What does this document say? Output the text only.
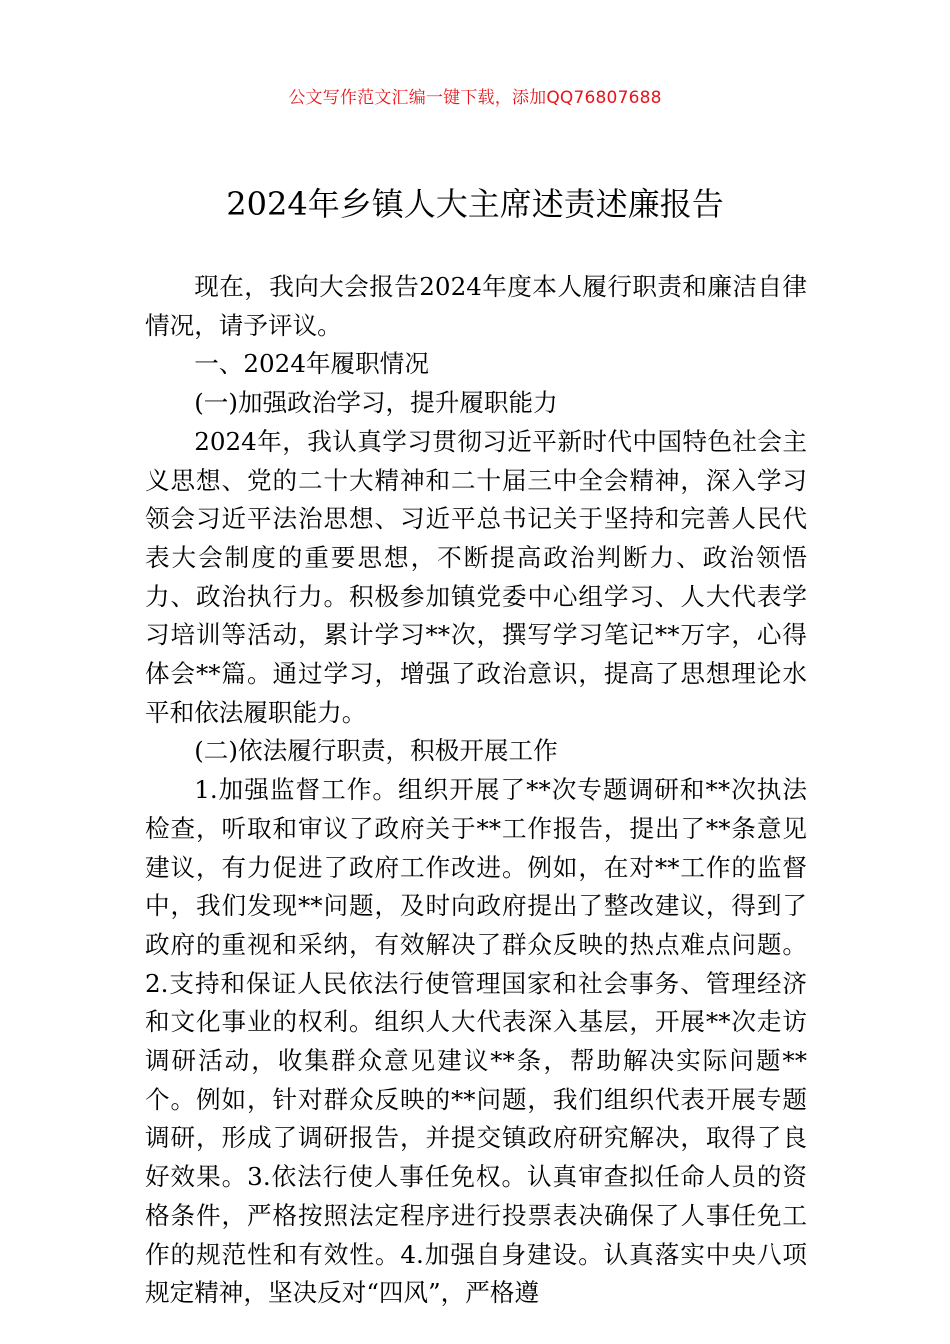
公文写作范文汇编一键下载，添加QQ76807688
2024年乡镇人大主席述责述廉报告

现在，我向大会报告2024年度本人履行职责和廉洁自律情况，请予评议。

一、2024年履职情况

(一)加强政治学习，提升履职能力

2024年，我认真学习贯彻习近平新时代中国特色社会主义思想、党的二十大精神和二十届三中全会精神，深入学习领会习近平法治思想、习近平总书记关于坚持和完善人民代表大会制度的重要思想，不断提高政治判断力、政治领悟力、政治执行力。积极参加镇党委中心组学习、人大代表学习培训等活动，累计学习**次，撰写学习笔记**万字，心得体会**篇。通过学习，增强了政治意识，提高了思想理论水平和依法履职能力。

(二)依法履行职责，积极开展工作

1.加强监督工作。组织开展了**次专题调研和**次执法检查，听取和审议了政府关于**工作报告，提出了**条意见建议，有力促进了政府工作改进。例如，在对**工作的监督中，我们发现**问题，及时向政府提出了整改建议，得到了政府的重视和采纳，有效解决了群众反映的热点难点问题。2.支持和保证人民依法行使管理国家和社会事务、管理经济和文化事业的权利。组织人大代表深入基层，开展**次走访调研活动，收集群众意见建议**条，帮助解决实际问题**个。例如，针对群众反映的**问题，我们组织代表开展专题调研，形成了调研报告，并提交镇政府研究解决，取得了良好效果。3.依法行使人事任免权。认真审查拟任命人员的资格条件，严格按照法定程序进行投票表决确保了人事任免工作的规范性和有效性。4.加强自身建设。认真落实中央八项规定精神，坚决反对“四风”，严格遵
